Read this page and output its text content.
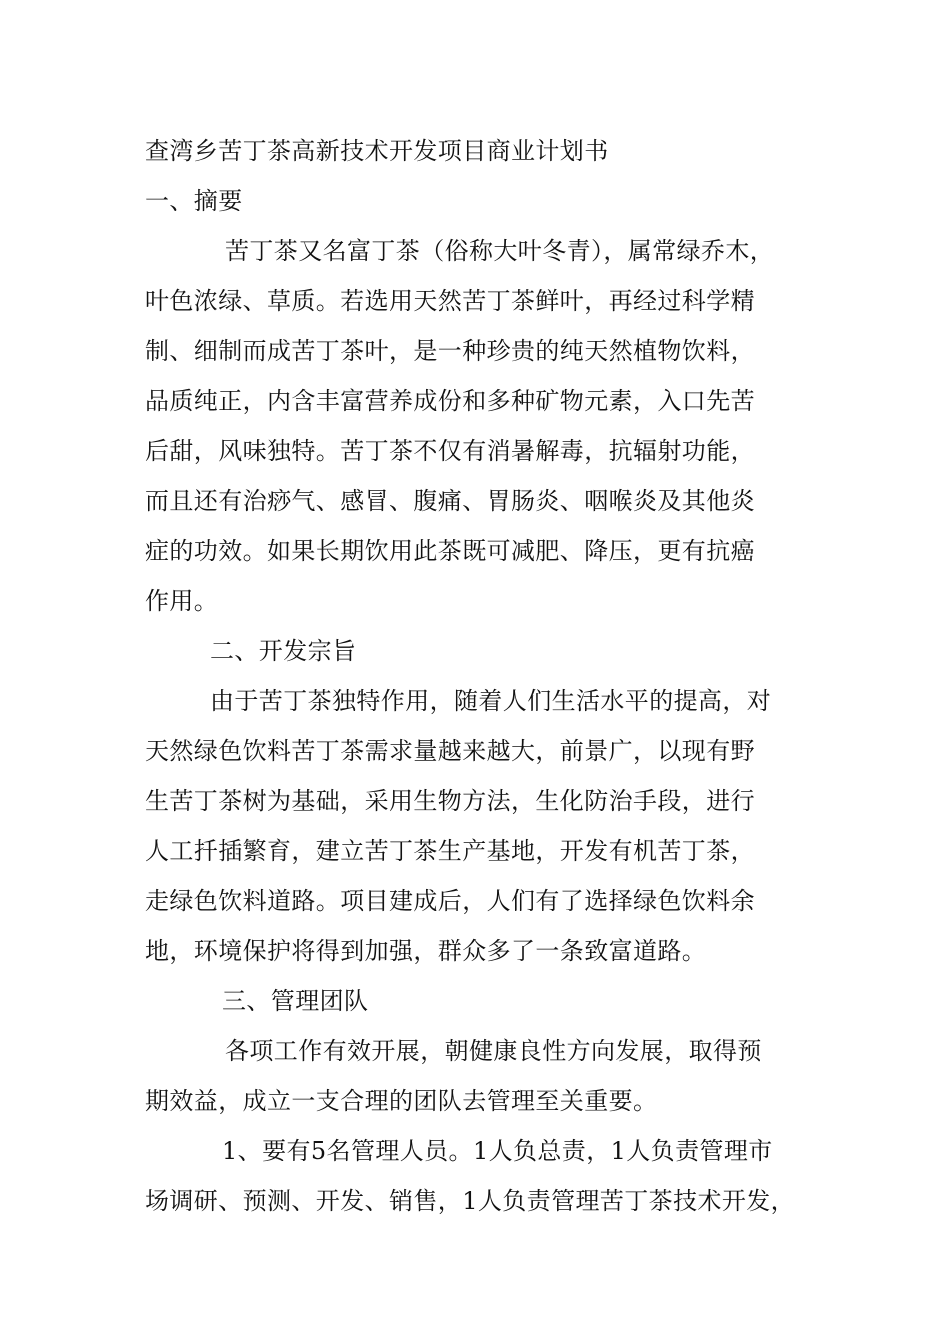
查湾乡苦丁茶高新技术开发项目商业计划书
一、摘要
苦丁茶又名富丁茶（俗称大叶冬青），属常绿乔木，
叶色浓绿、草质。若选用天然苦丁茶鲜叶，再经过科学精
制、细制而成苦丁茶叶，是一种珍贵的纯天然植物饮料，
品质纯正，内含丰富营养成份和多种矿物元素，入口先苦
后甜，风味独特。苦丁茶不仅有消暑解毒，抗辐射功能，
而且还有治痧气、感冒、腹痛、胃肠炎、咽喉炎及其他炎
症的功效。如果长期饮用此茶既可减肥、降压，更有抗癌
作用。
二、开发宗旨
由于苦丁茶独特作用，随着人们生活水平的提高，对
天然绿色饮料苦丁茶需求量越来越大，前景广，以现有野
生苦丁茶树为基础，采用生物方法，生化防治手段，进行
人工扦插繁育，建立苦丁茶生产基地，开发有机苦丁茶，
走绿色饮料道路。项目建成后，人们有了选择绿色饮料余
地，环境保护将得到加强，群众多了一条致富道路。
三、管理团队
各项工作有效开展，朝健康良性方向发展，取得预
期效益，成立一支合理的团队去管理至关重要。
1、要有5名管理人员。1人负总责，1人负责管理市
场调研、预测、开发、销售，1人负责管理苦丁茶技术开发，
